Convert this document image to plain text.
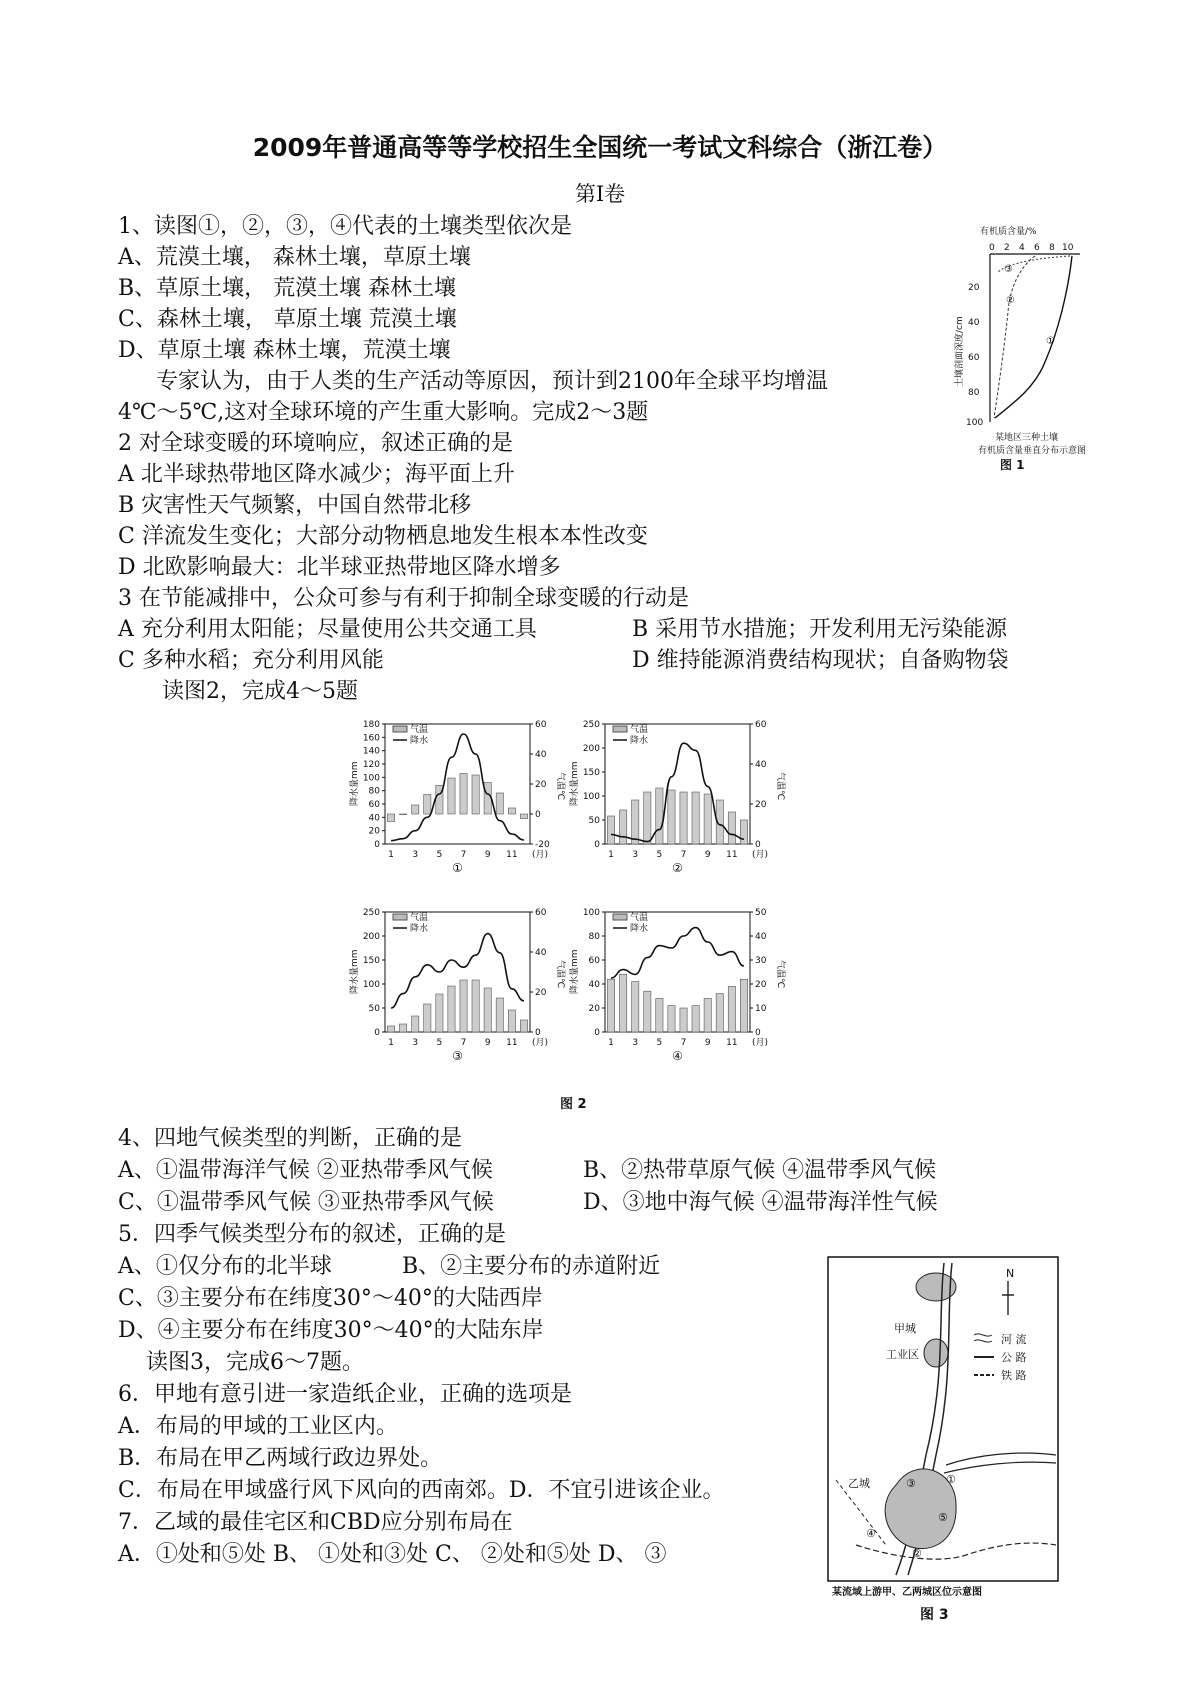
2009年普通高等等学校招生全国统一考试文科综合（浙江卷）
第Ⅰ卷
1、读图①，②，③，④代表的土壤类型依次是
A、荒漠土壤， 森林土壤，草原土壤
B、草原土壤， 荒漠土壤 森林土壤
C、森林土壤， 草原土壤 荒漠土壤
D、草原土壤 森林土壤，荒漠土壤
专家认为，由于人类的生产活动等原因，预计到2100年全球平均增温
4℃～5℃,这对全球环境的产生重大影响。完成2～3题
2 对全球变暖的环境响应，叙述正确的是
A 北半球热带地区降水减少；海平面上升
B 灾害性天气频繁，中国自然带北移
C 洋流发生变化；大部分动物栖息地发生根本本性改变
D 北欧影响最大：北半球亚热带地区降水增多
3 在节能减排中，公众可参与有利于抑制全球变暖的行动是
A 充分利用太阳能；尽量使用公共交通工具	B 采用节水措施；开发利用无污染能源
C 多种水稻；充分利用风能	D 维持能源消费结构现状；自备购物袋
读图2，完成4～5题
4、四地气候类型的判断，正确的是
A、①温带海洋气候 ②亚热带季风气候	B、②热带草原气候 ④温带季风气候
C、①温带季风气候 ③亚热带季风气候	D、③地中海气候 ④温带海洋性气候
5．四季气候类型分布的叙述，正确的是
A、①仅分布的北半球	B、②主要分布的赤道附近
C、③主要分布在纬度30°～40°的大陆西岸
D、④主要分布在纬度30°～40°的大陆东岸
读图3，完成6～7题。
6．甲地有意引进一家造纸企业，正确的选项是
A．布局的甲域的工业区内。
B．布局在甲乙两域行政边界处。
C．布局在甲域盛行风下风向的西南郊。D．不宜引进该企业。
7．乙域的最佳宅区和CBD应分别布局在
A．①处和⑤处 B、 ①处和③处 C、 ②处和⑤处 D、 ③
有机质含量/%
0 2 4 6 8 10
土壤剖面深度/cm
20
40
60
80
100
③
②
①
某地区三种土壤
有机质含量垂直分布示意图
图 1
0
20
40
60
80
100
120
140
160
180
-20
0
20
40
60
1 3 5 7 9 11 (月)
气温
降水
降水量mm	气温℃
①
0
50
100
150
200
250
0
20
40
60
1 3 5 7 9 11 (月)
气温
降水
降水量mm	气温℃
②
0
50
100
150
200
250
0
20
40
60
1 3 5 7 9 11 (月)
气温
降水
降水量mm	气温℃
③
0
20
40
60
80
100
0
10
20
30
40
50
1 3 5 7 9 11 (月)
气温
降水
降水量mm	气温℃
④
图 2
甲城
工业区
乙城	③
②
⑤
①
④
N
河 流
公 路
铁 路
某流域上游甲、乙两城区位示意图
图 3
